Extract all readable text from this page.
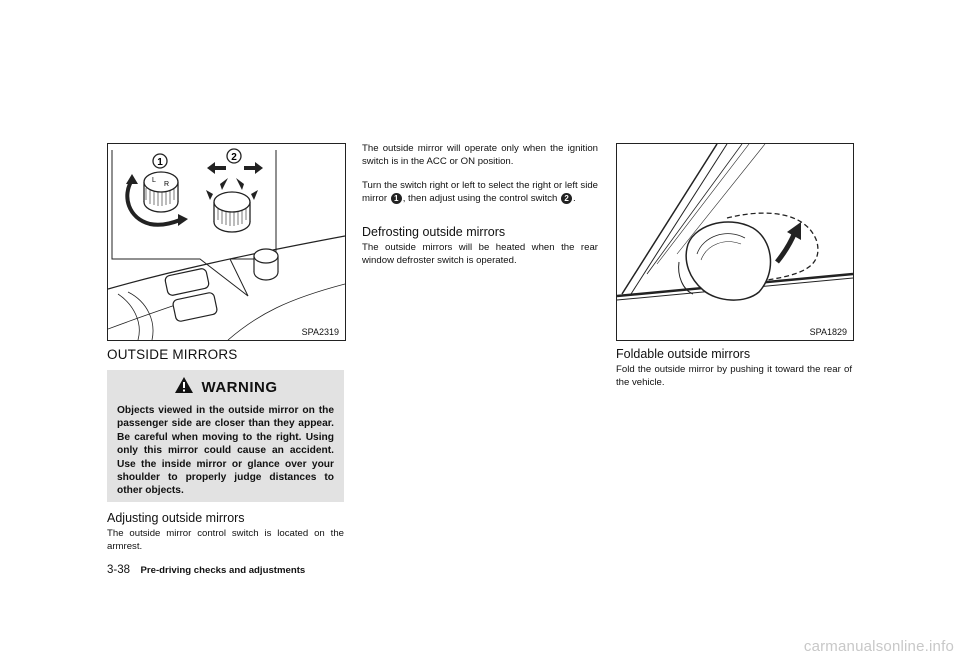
L
R
1	2
SPA2319
OUTSIDE MIRRORS
WARNING
Objects viewed in the outside mirror on the passenger side are closer than they appear. Be careful when moving to the right. Using only this mirror could cause an accident. Use the inside mirror or glance over your shoulder to properly judge distances to other objects.
Adjusting outside mirrors
The outside mirror control switch is located on the armrest.
3-38 Pre-driving checks and adjustments
The outside mirror will operate only when the ignition switch is in the ACC or ON position.
Turn the switch right or left to select the right or left side mirror 1 , then adjust using the control switch 2 .
Defrosting outside mirrors
The outside mirrors will be heated when the rear window defroster switch is operated.
SPA1829
Foldable outside mirrors
Fold the outside mirror by pushing it toward the rear of the vehicle.
carmanualsonline.info
